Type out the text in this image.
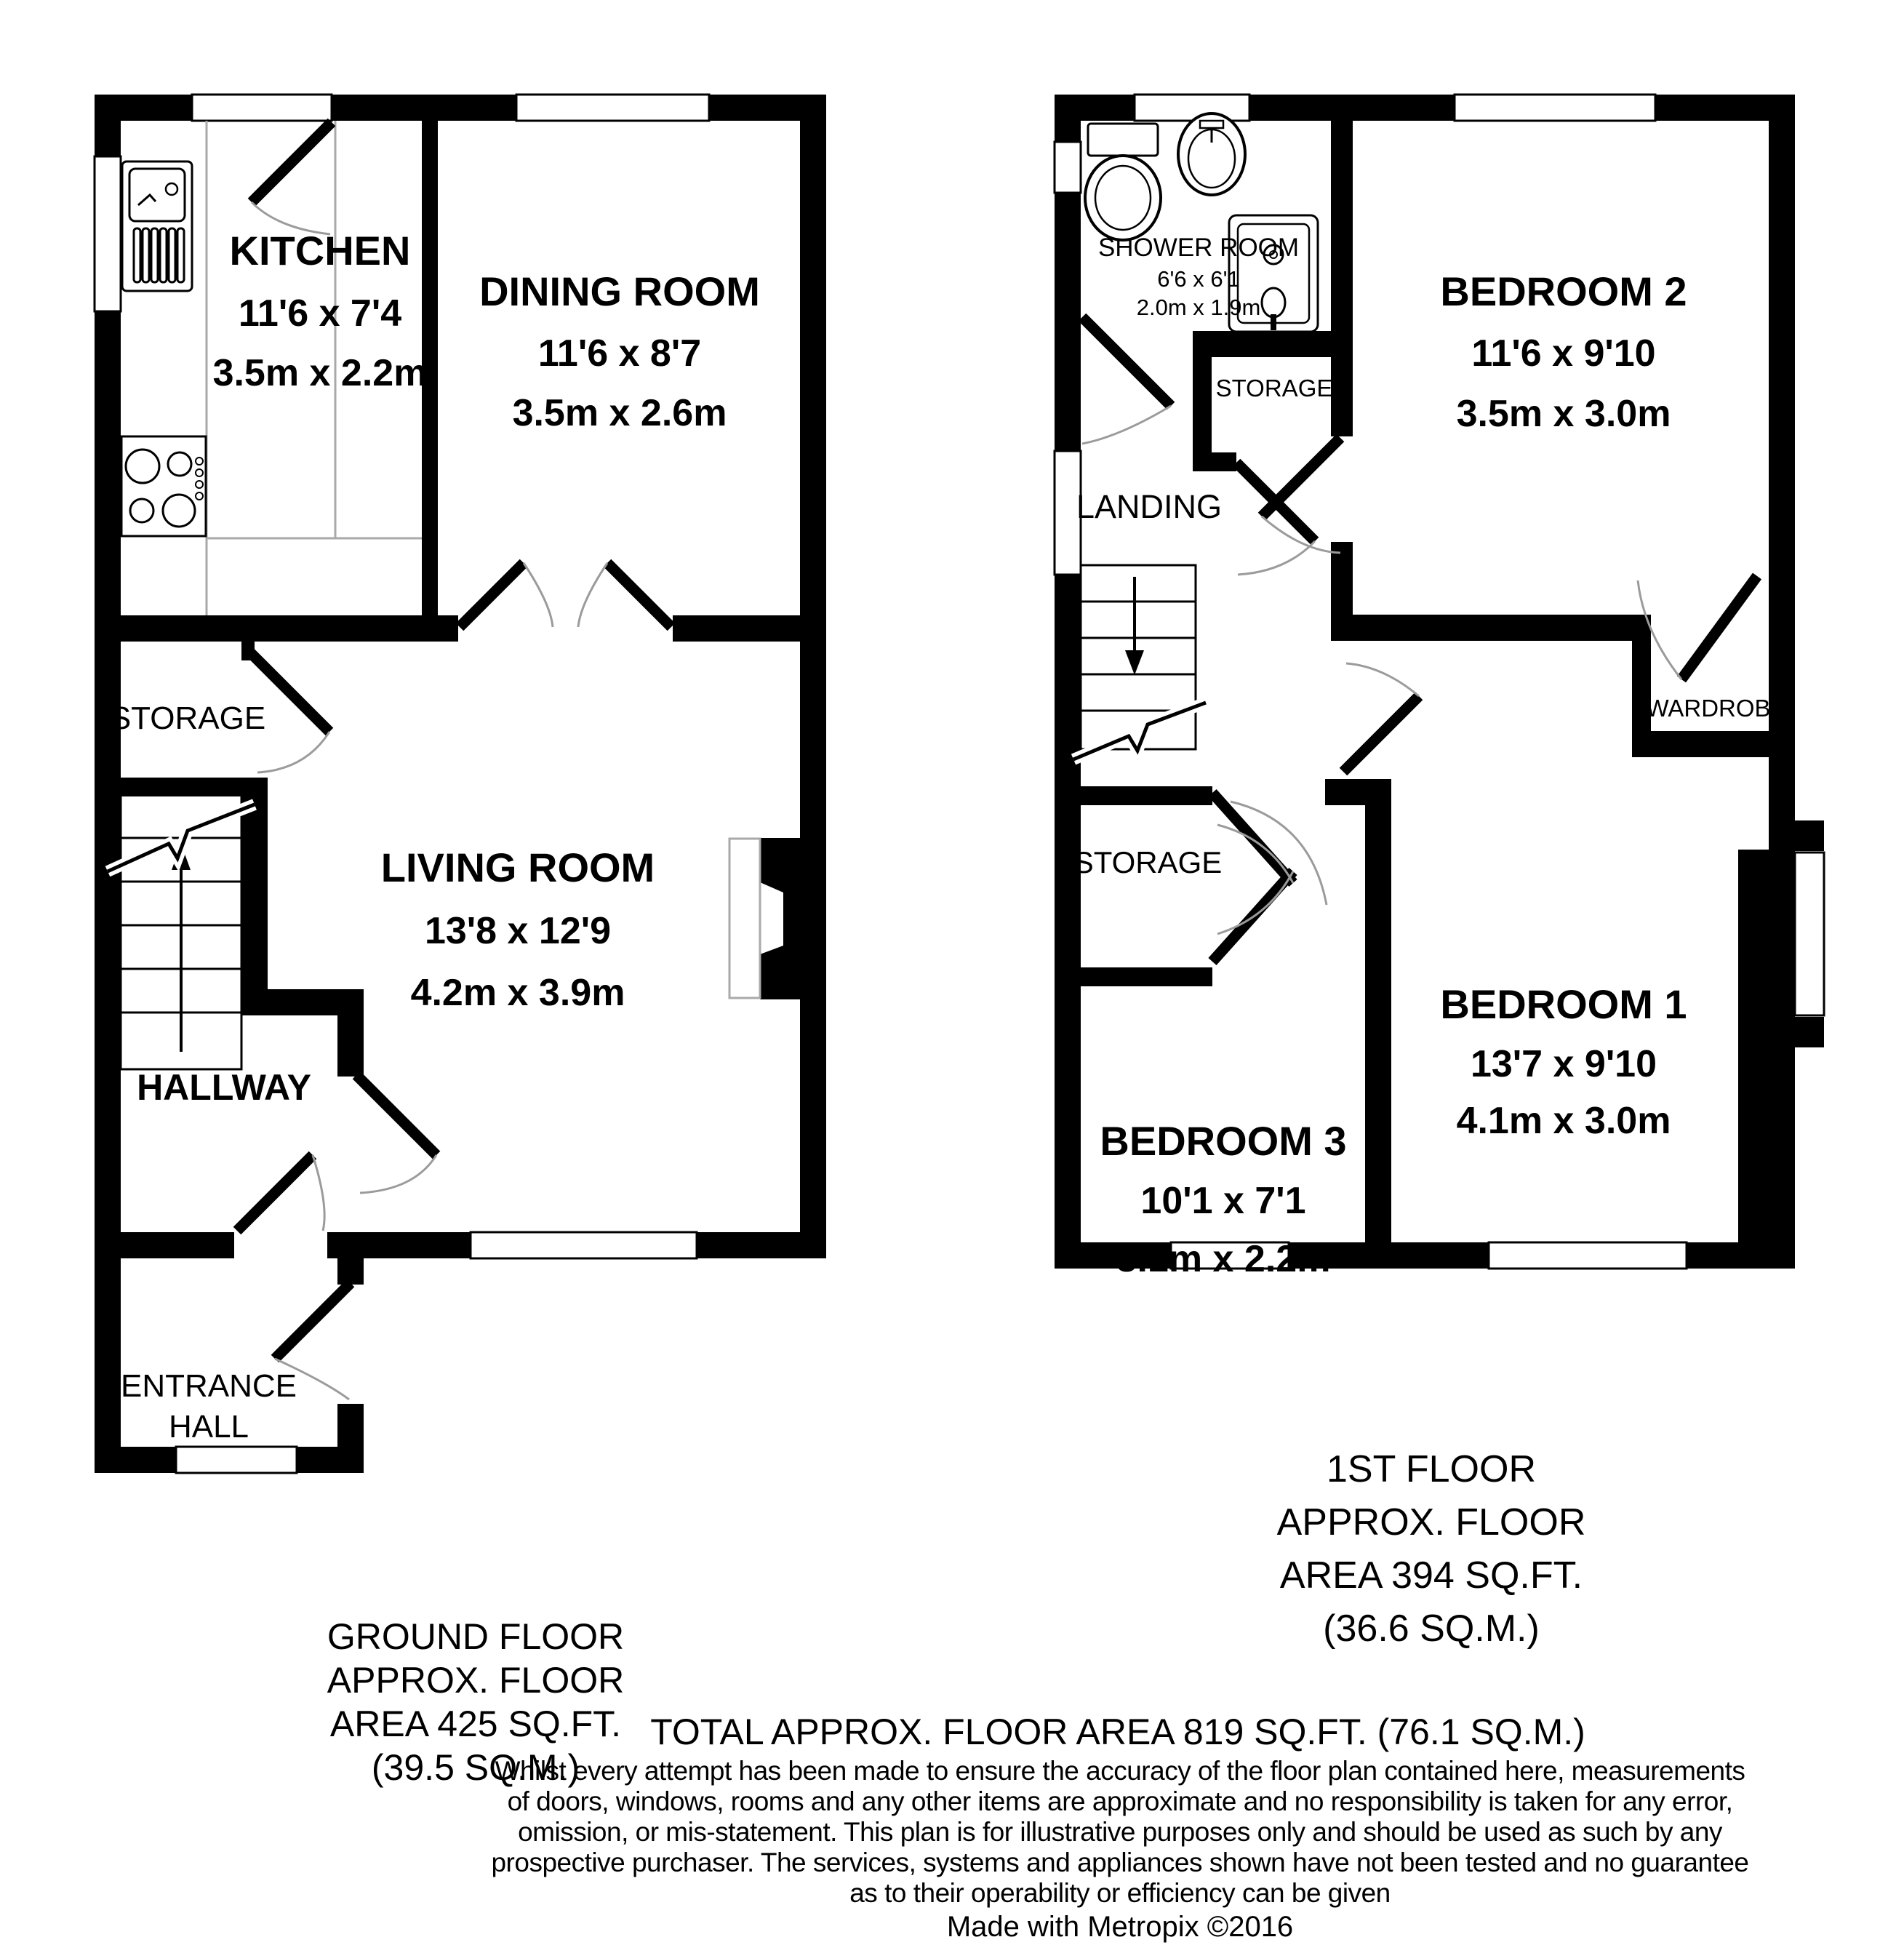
KITCHEN
11'6 x 7'4
3.5m x 2.2m
DINING ROOM
11'6 x 8'7
3.5m x 2.6m
LIVING ROOM
13'8 x 12'9
4.2m x 3.9m
STORAGE
HALLWAY
ENTRANCE
HALL
GROUND FLOOR
APPROX. FLOOR
AREA 425 SQ.FT.
(39.5 SQ.M.)
SHOWER ROOM
6'6 x 6'1
2.0m x 1.9m
STORAGE
LANDING
BEDROOM 2
11'6 x 9'10
3.5m x 3.0m
WARDROBE
STORAGE
BEDROOM 3
10'1 x 7'1
3.1m x 2.2m
BEDROOM 1
13'7 x 9'10
4.1m x 3.0m
1ST FLOOR
APPROX. FLOOR
AREA 394 SQ.FT.
(36.6 SQ.M.)
TOTAL APPROX. FLOOR AREA 819 SQ.FT. (76.1 SQ.M.)
Whilst every attempt has been made to ensure the accuracy of the floor plan contained here, measurements
of doors, windows, rooms and any other items are approximate and no responsibility is taken for any error,
omission, or mis-statement. This plan is for illustrative purposes only and should be used as such by any
prospective purchaser. The services, systems and appliances shown have not been tested and no guarantee
as to their operability or efficiency can be given
Made with Metropix ©2016
